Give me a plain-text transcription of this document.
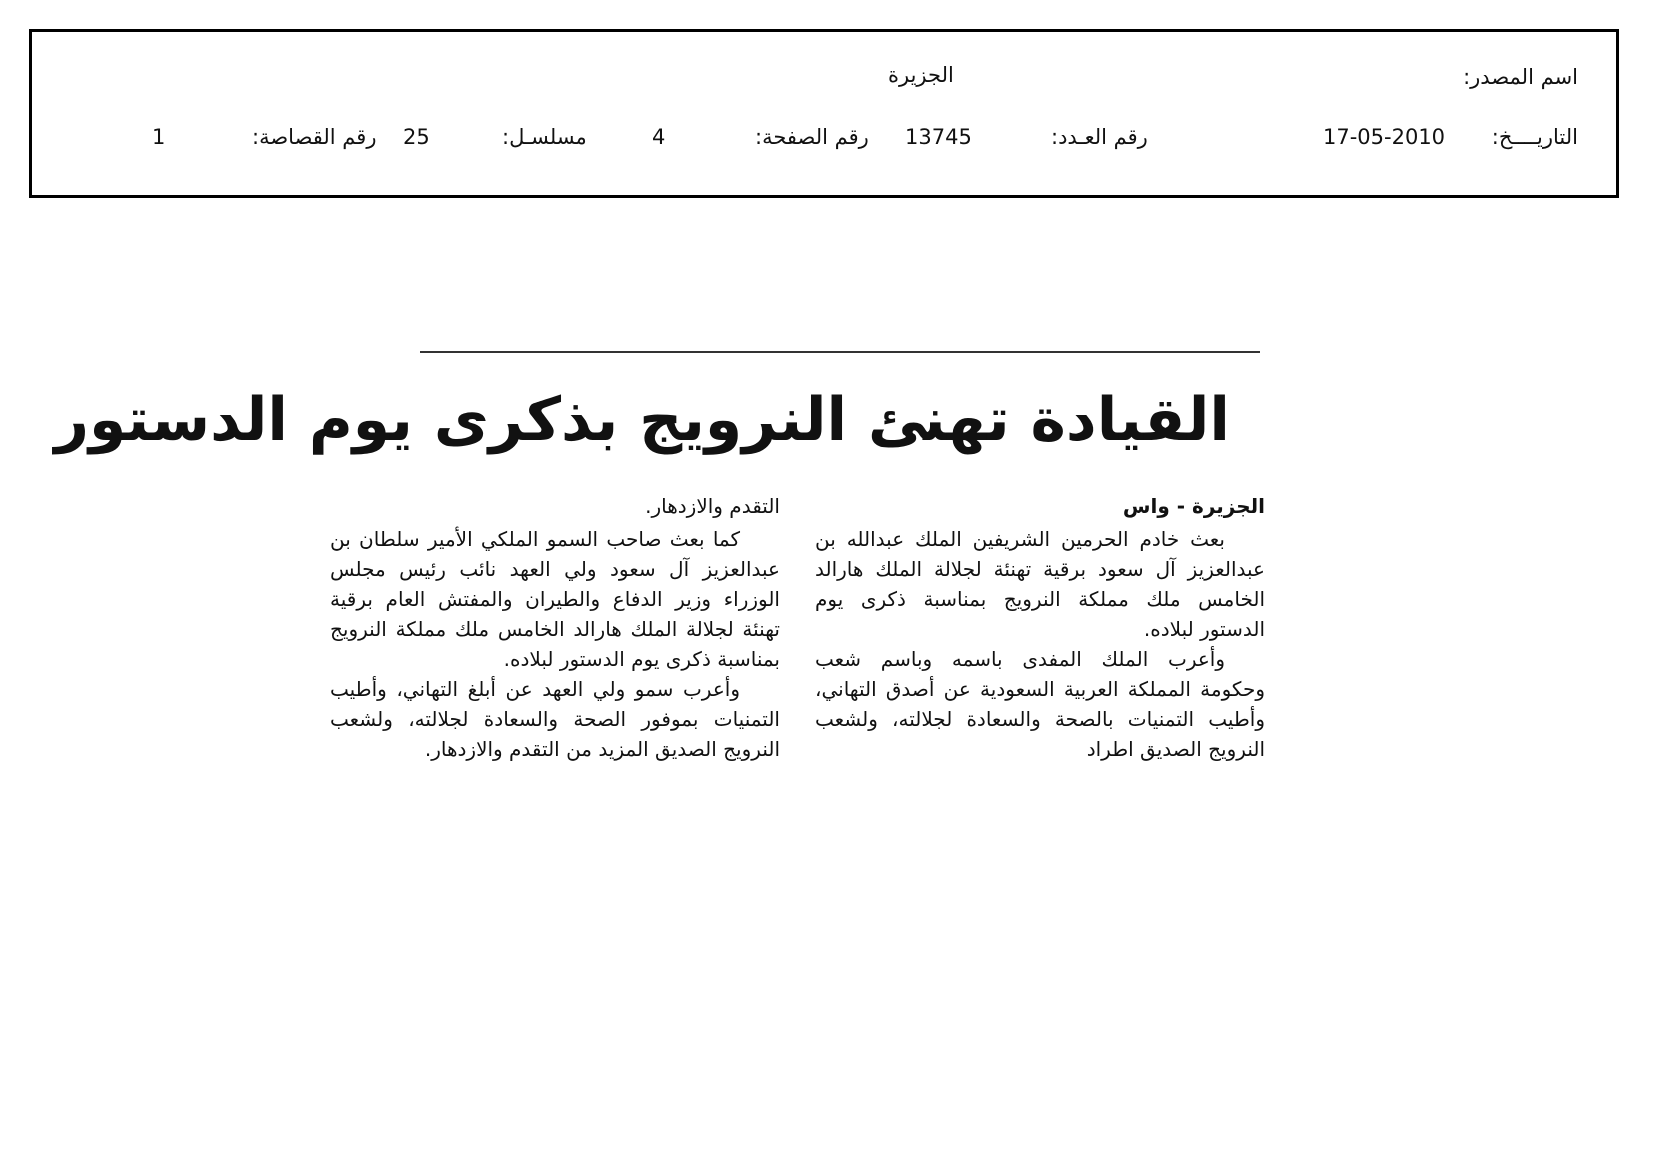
اسم المصدر:
الجزيرة
التاريــــخ:
17-05-2010
رقم العـدد:
13745
رقم الصفحة:
4
مسلسـل:
25
رقم القصاصة:
1
القيادة تهنئ النرويج بذكرى يوم الدستور
الجزيرة - واس

بعث خادم الحرمين الشريفين الملك عبدالله بن عبدالعزيز آل سعود برقية تهنئة لجلالة الملك هارالد الخامس ملك مملكة النرويج بمناسبة ذكرى يوم الدستور لبلاده.

وأعرب الملك المفدى باسمه وباسم شعب وحكومة المملكة العربية السعودية عن أصدق التهاني، وأطيب التمنيات بالصحة والسعادة لجلالته، ولشعب النرويج الصديق اطراد

التقدم والازدهار.

كما بعث صاحب السمو الملكي الأمير سلطان بن عبدالعزيز آل سعود ولي العهد نائب رئيس مجلس الوزراء وزير الدفاع والطيران والمفتش العام برقية تهنئة لجلالة الملك هارالد الخامس ملك مملكة النرويج بمناسبة ذكرى يوم الدستور لبلاده.

وأعرب سمو ولي العهد عن أبلغ التهاني، وأطيب التمنيات بموفور الصحة والسعادة لجلالته، ولشعب النرويج الصديق المزيد من التقدم والازدهار.
